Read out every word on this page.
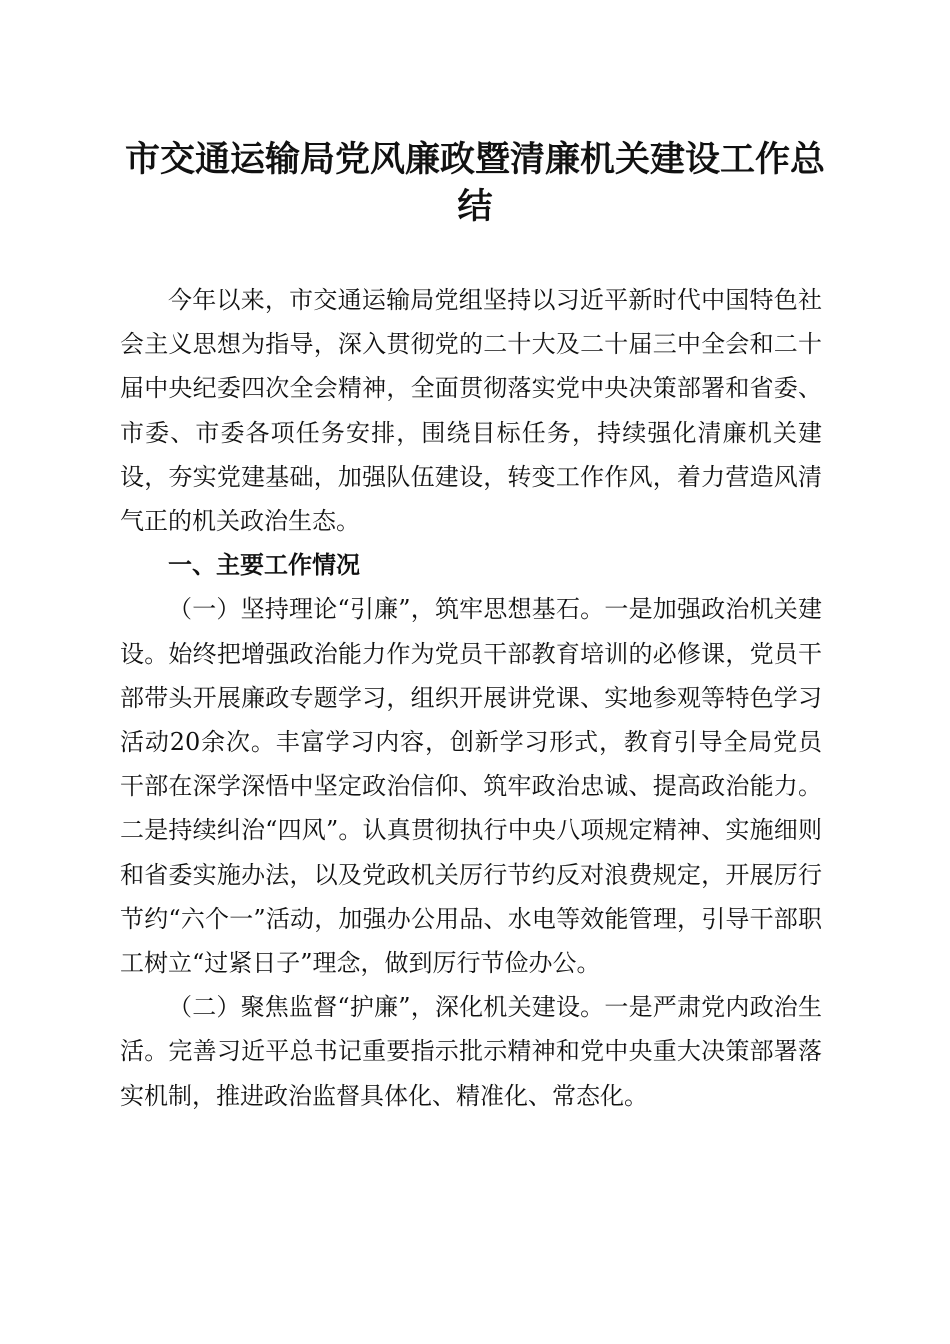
市交通运输局党风廉政暨清廉机关建设工作总
结

今年以来，市交通运输局党组坚持以习近平新时代中国特色社会主义思想为指导，深入贯彻党的二十大及二十届三中全会和二十届中央纪委四次全会精神，全面贯彻落实党中央决策部署和省委、市委、市委各项任务安排，围绕目标任务，持续强化清廉机关建设，夯实党建基础，加强队伍建设，转变工作作风，着力营造风清气正的机关政治生态。

一、主要工作情况

（一）坚持理论“引廉”，筑牢思想基石。一是加强政治机关建设。始终把增强政治能力作为党员干部教育培训的必修课，党员干部带头开展廉政专题学习，组织开展讲党课、实地参观等特色学习活动20余次。丰富学习内容，创新学习形式，教育引导全局党员干部在深学深悟中坚定政治信仰、筑牢政治忠诚、提高政治能力。二是持续纠治“四风”。认真贯彻执行中央八项规定精神、实施细则和省委实施办法，以及党政机关厉行节约反对浪费规定，开展厉行节约“六个一”活动，加强办公用品、水电等效能管理，引导干部职工树立“过紧日子”理念，做到厉行节俭办公。

（二）聚焦监督“护廉”，深化机关建设。一是严肃党内政治生活。完善习近平总书记重要指示批示精神和党中央重大决策部署落实机制，推进政治监督具体化、精准化、常态化。
